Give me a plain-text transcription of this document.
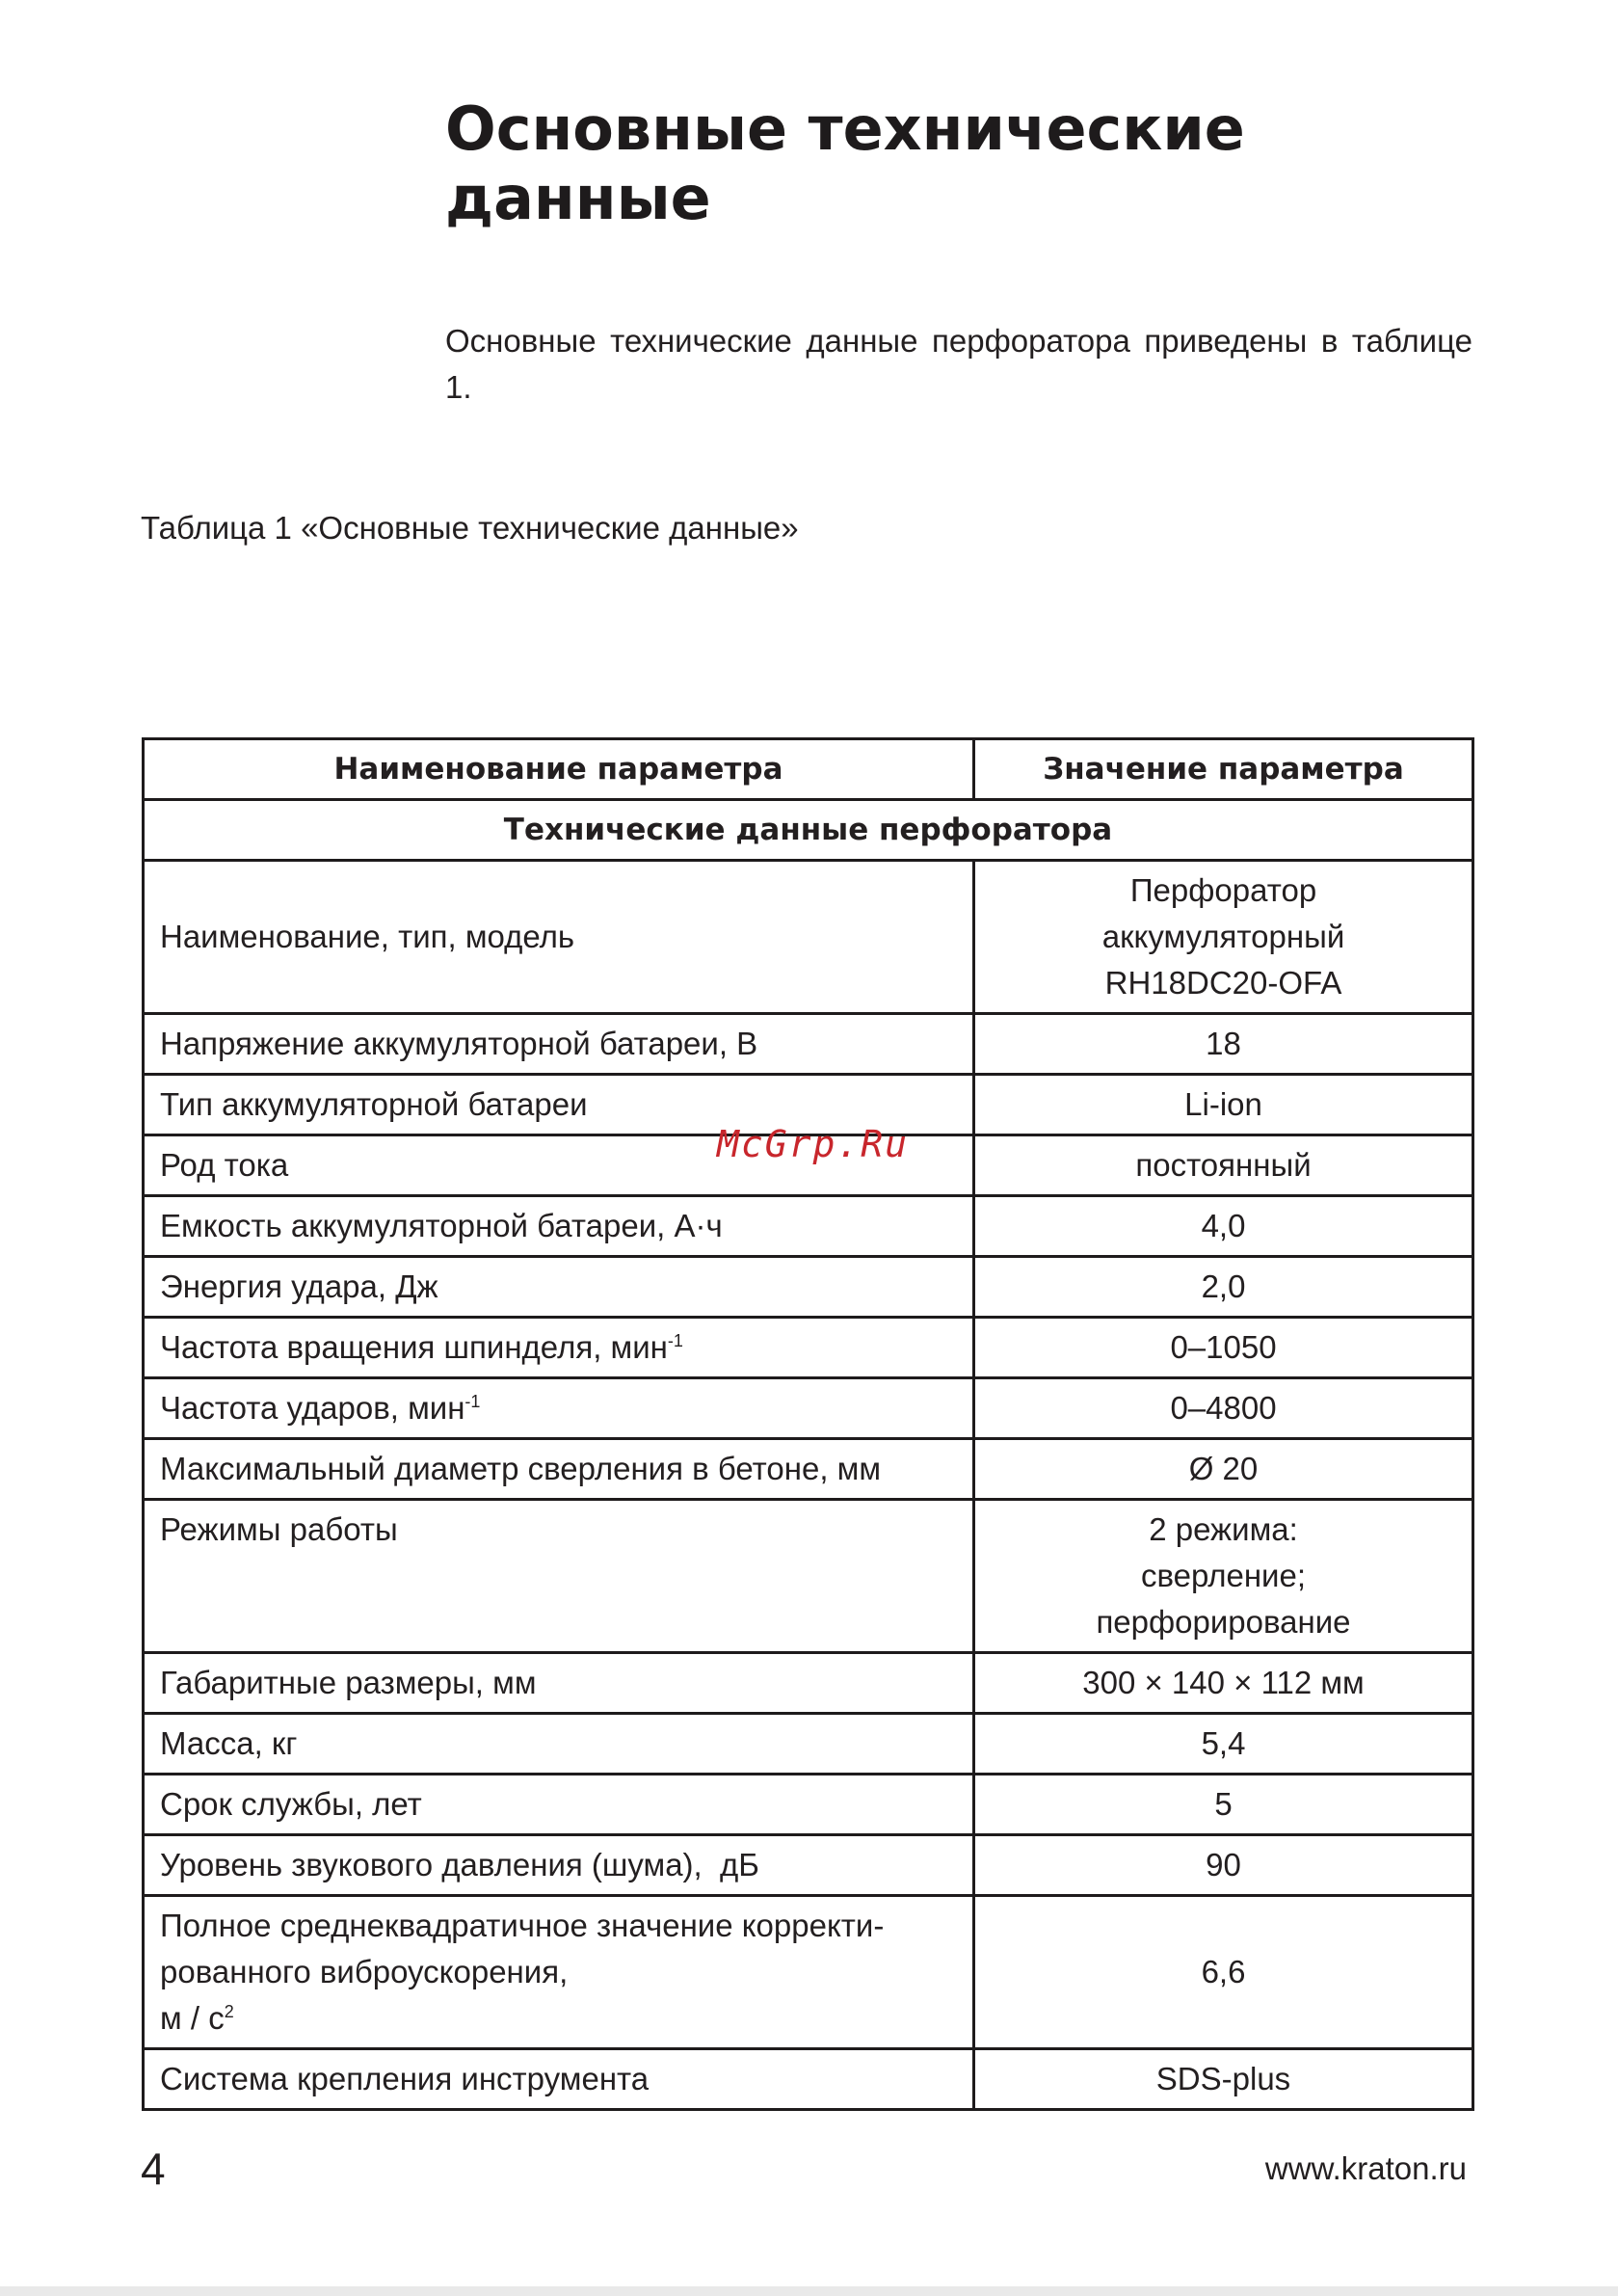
Основные технические
данные

Основные технические данные перфоратора приведены в таблице 1.

Таблица 1 «Основные технические данные»

Наименование параметра	Значение параметра
Технические данные перфоратора	
Наименование, тип, модель	Перфоратор
аккумуляторный
RH18DC20-OFA
Напряжение аккумуляторной батареи, В	18
Тип аккумуляторной батареи	Li-ion
Род тока	постоянный
Емкость аккумуляторной батареи, А·ч	4,0
Энергия удара, Дж	2,0
Частота вращения шпинделя, мин$^{-1}$	0–1050
Частота ударов, мин$^{-1}$	0–4800
Максимальный диаметр сверления в бетоне, мм	Ø 20
Режимы работы	2 режима:
сверление;
перфорирование
Габаритные размеры, мм	300 × 140 × 112 мм
Масса, кг	5,4
Срок службы, лет	5
Уровень звукового давления (шума),  дБ	90
Полное среднеквадратичное значение корректи-
рованного виброускорения,
м / $с^2$	6,6
Система крепления инструмента	SDS-plus
McGrp.Ru
4	www.kraton.ru
